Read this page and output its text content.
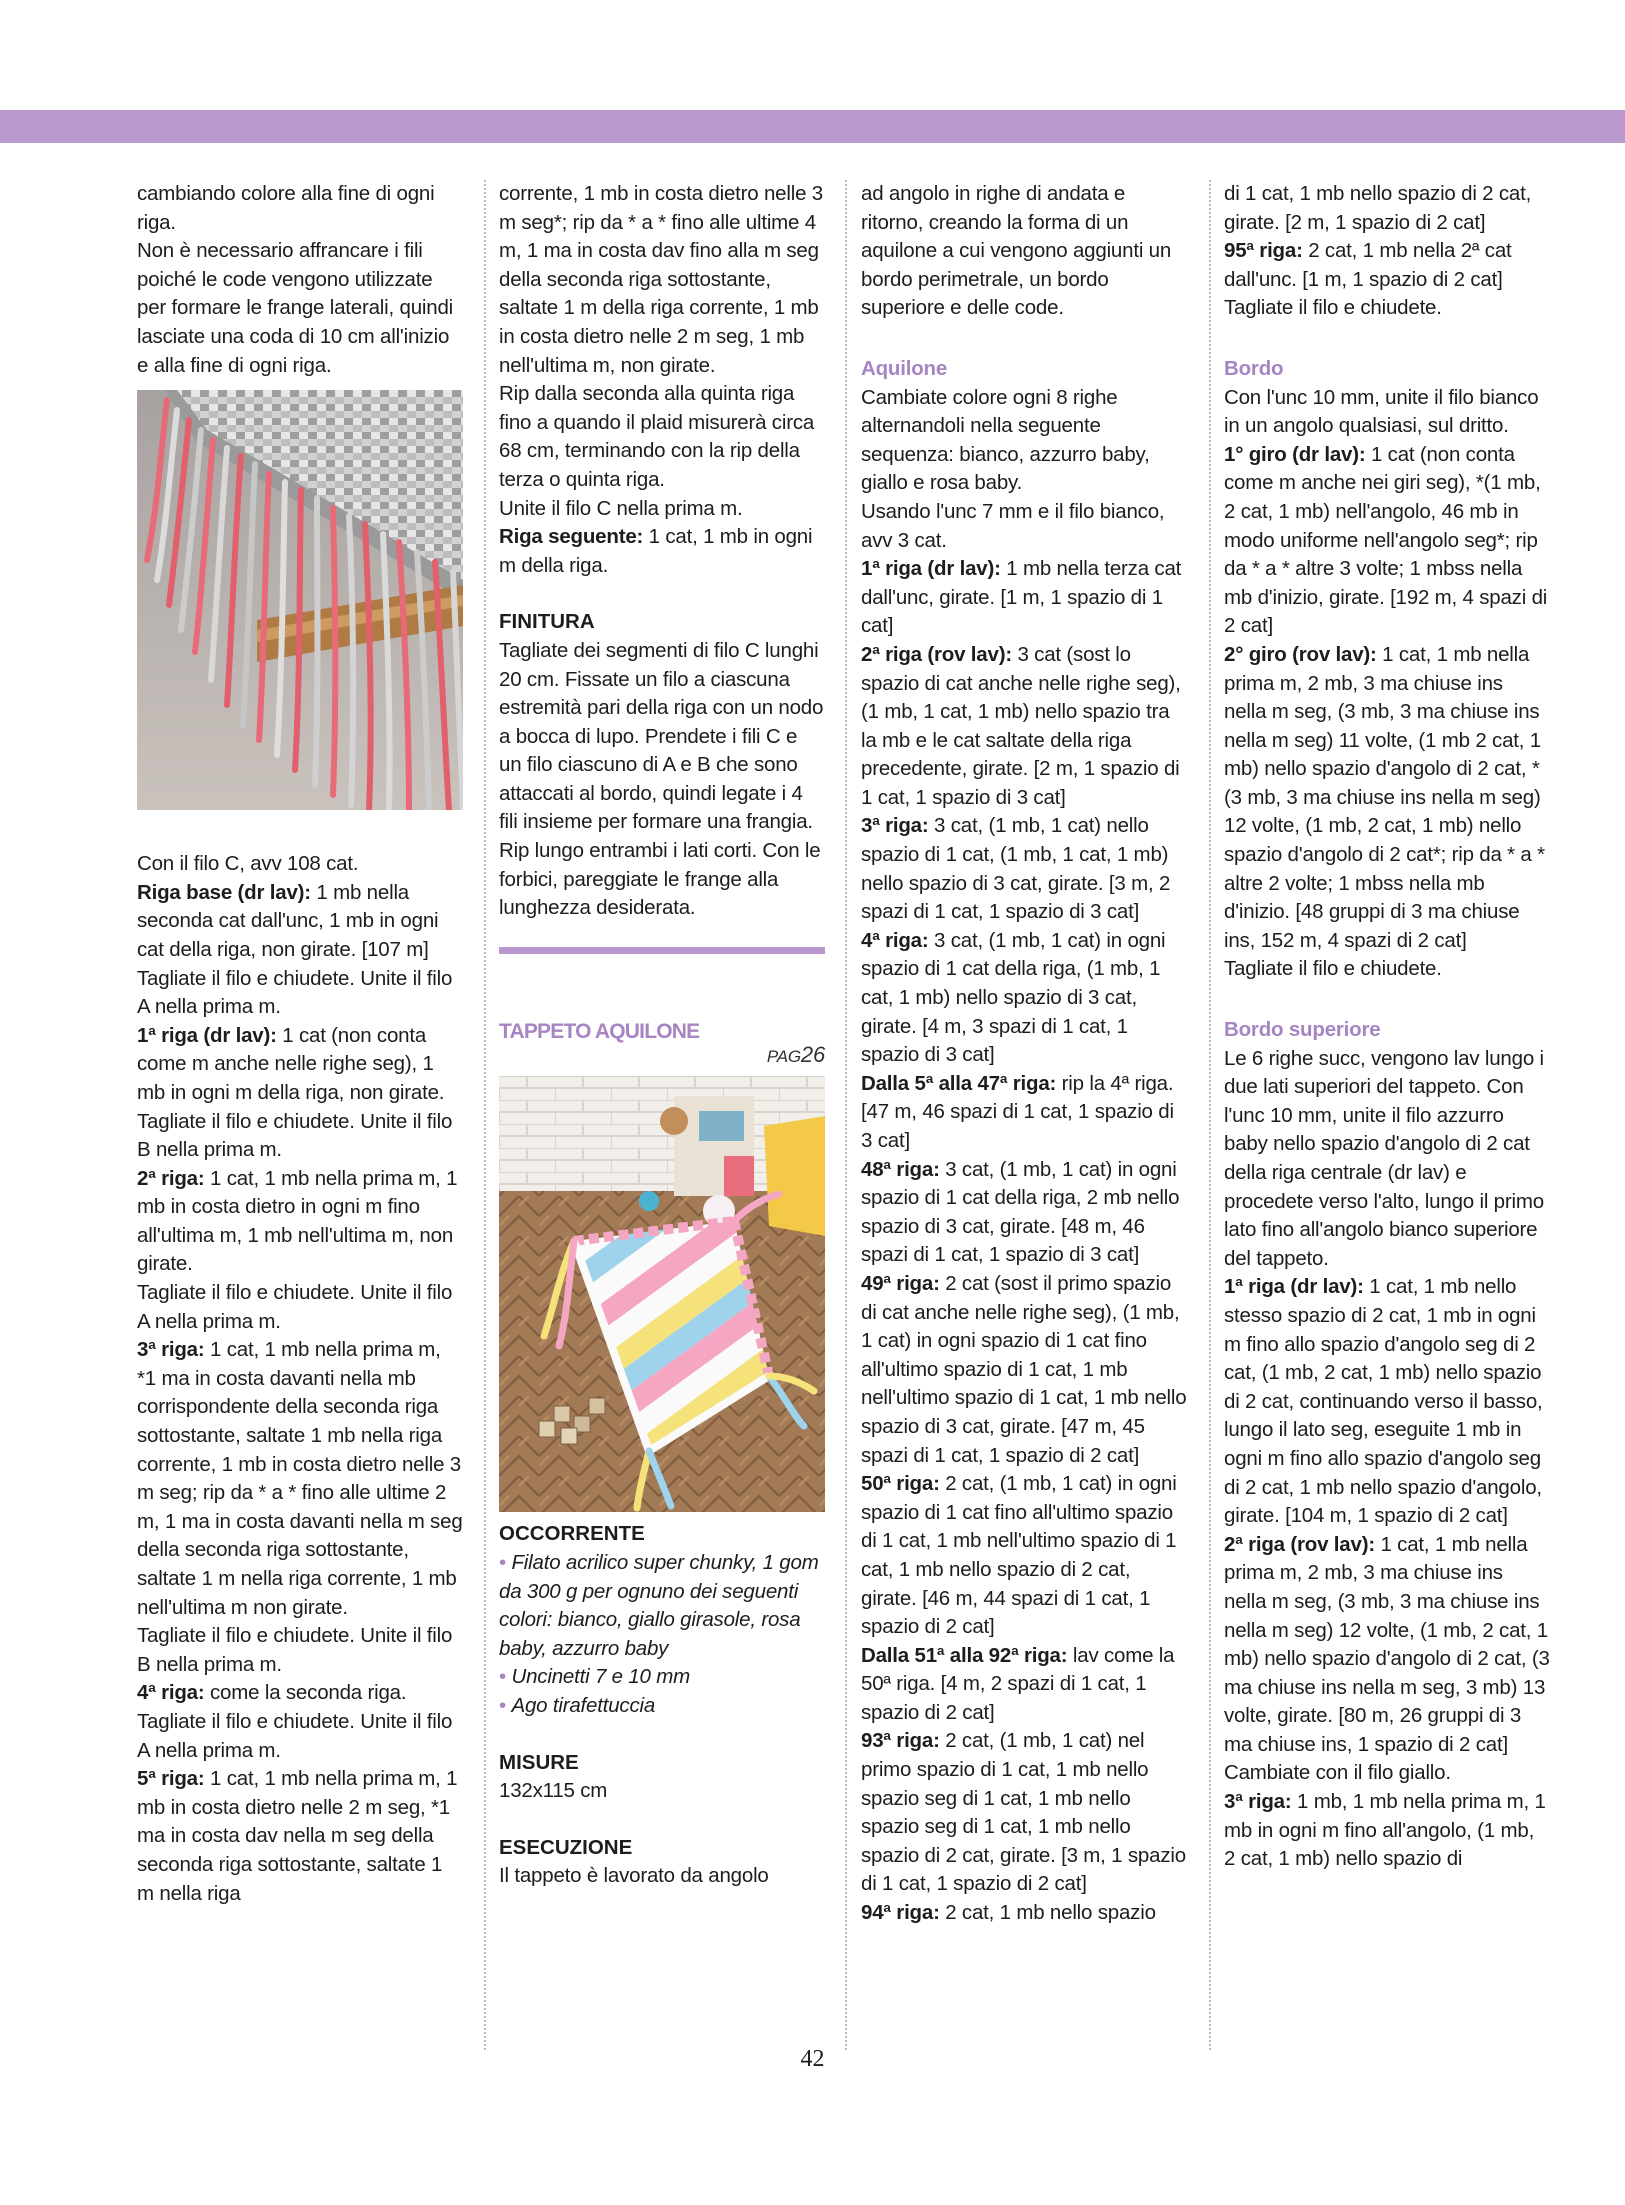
cambiando colore alla fine di ogni riga.
Non è necessario affrancare i fili poiché le code vengono utilizzate per formare le frange laterali, quindi lasciate una coda di 10 cm all'inizio e alla fine di ogni riga.
Con il filo C, avv 108 cat.
Riga base (dr lav): 1 mb nella seconda cat dall'unc, 1 mb in ogni cat della riga, non girate. [107 m]
Tagliate il filo e chiudete. Unite il filo A nella prima m.
1ª riga (dr lav): 1 cat (non conta come m anche nelle righe seg), 1 mb in ogni m della riga, non girate.
Tagliate il filo e chiudete. Unite il filo B nella prima m.
2ª riga: 1 cat, 1 mb nella prima m, 1 mb in costa dietro in ogni m fino all'ultima m, 1 mb nell'ultima m, non girate.
Tagliate il filo e chiudete. Unite il filo A nella prima m.
3ª riga: 1 cat, 1 mb nella prima m, *1 ma in costa davanti nella mb corrispondente della seconda riga sottostante, saltate 1 mb nella riga corrente, 1 mb in costa dietro nelle 3 m seg; rip da * a * fino alle ultime 2 m, 1 ma in costa davanti nella m seg della seconda riga sottostante, saltate 1 m nella riga corrente, 1 mb nell'ultima m non girate.
Tagliate il filo e chiudete. Unite il filo B nella prima m.
4ª riga: come la seconda riga.
Tagliate il filo e chiudete. Unite il filo A nella prima m.
5ª riga: 1 cat, 1 mb nella prima m, 1 mb in costa dietro nelle 2 m seg, *1 ma in costa dav nella m seg della seconda riga sottostante, saltate 1 m nella riga
corrente, 1 mb in costa dietro nelle 3 m seg*; rip da * a * fino alle ultime 4 m, 1 ma in costa dav fino alla m seg della seconda riga sottostante, saltate 1 m della riga corrente, 1 mb in costa dietro nelle 2 m seg, 1 mb nell'ultima m, non girate.
Rip dalla seconda alla quinta riga fino a quando il plaid misurerà circa 68 cm, terminando con la rip della terza o quinta riga.
Unite il filo C nella prima m.
Riga seguente: 1 cat, 1 mb in ogni m della riga.
FINITURA
Tagliate dei segmenti di filo C lunghi 20 cm. Fissate un filo a ciascuna estremità pari della riga con un nodo a bocca di lupo. Prendete i fili C e un filo ciascuno di A e B che sono attaccati al bordo, quindi legate i 4 fili insieme per formare una frangia. Rip lungo entrambi i lati corti. Con le forbici, pareggiate le frange alla lunghezza desiderata.
TAPPETO AQUILONE
PAG26
OCCORRENTE
• Filato acrilico super chunky, 1 gom da 300 g per ognuno dei seguenti colori: bianco, giallo girasole, rosa baby, azzurro baby
• Uncinetti 7 e 10 mm
• Ago tirafettuccia
MISURE
132x115 cm
ESECUZIONE
Il tappeto è lavorato da angolo
ad angolo in righe di andata e ritorno, creando la forma di un aquilone a cui vengono aggiunti un bordo perimetrale, un bordo superiore e delle code.
Aquilone
Cambiate colore ogni 8 righe alternandoli nella seguente sequenza: bianco, azzurro baby, giallo e rosa baby.
Usando l'unc 7 mm e il filo bianco, avv 3 cat.
1ª riga (dr lav): 1 mb nella terza cat dall'unc, girate. [1 m, 1 spazio di 1 cat]
2ª riga (rov lav): 3 cat (sost lo spazio di cat anche nelle righe seg), (1 mb, 1 cat, 1 mb) nello spazio tra la mb e le cat saltate della riga precedente, girate. [2 m, 1 spazio di 1 cat, 1 spazio di 3 cat]
3ª riga: 3 cat, (1 mb, 1 cat) nello spazio di 1 cat, (1 mb, 1 cat, 1 mb) nello spazio di 3 cat, girate. [3 m, 2 spazi di 1 cat, 1 spazio di 3 cat]
4ª riga: 3 cat, (1 mb, 1 cat) in ogni spazio di 1 cat della riga, (1 mb, 1 cat, 1 mb) nello spazio di 3 cat, girate. [4 m, 3 spazi di 1 cat, 1 spazio di 3 cat]
Dalla 5ª alla 47ª riga: rip la 4ª riga. [47 m, 46 spazi di 1 cat, 1 spazio di 3 cat]
48ª riga: 3 cat, (1 mb, 1 cat) in ogni spazio di 1 cat della riga, 2 mb nello spazio di 3 cat, girate. [48 m, 46 spazi di 1 cat, 1 spazio di 3 cat]
49ª riga: 2 cat (sost il primo spazio di cat anche nelle righe seg), (1 mb, 1 cat) in ogni spazio di 1 cat fino all'ultimo spazio di 1 cat, 1 mb nell'ultimo spazio di 1 cat, 1 mb nello spazio di 3 cat, girate. [47 m, 45 spazi di 1 cat, 1 spazio di 2 cat]
50ª riga: 2 cat, (1 mb, 1 cat) in ogni spazio di 1 cat fino all'ultimo spazio di 1 cat, 1 mb nell'ultimo spazio di 1 cat, 1 mb nello spazio di 2 cat, girate. [46 m, 44 spazi di 1 cat, 1 spazio di 2 cat]
Dalla 51ª alla 92ª riga: lav come la 50ª riga. [4 m, 2 spazi di 1 cat, 1 spazio di 2 cat]
93ª riga: 2 cat, (1 mb, 1 cat) nel primo spazio di 1 cat, 1 mb nello spazio seg di 1 cat, 1 mb nello spazio seg di 1 cat, 1 mb nello spazio di 2 cat, girate. [3 m, 1 spazio di 1 cat, 1 spazio di 2 cat]
94ª riga: 2 cat, 1 mb nello spazio
di 1 cat, 1 mb nello spazio di 2 cat, girate. [2 m, 1 spazio di 2 cat]
95ª riga: 2 cat, 1 mb nella 2ª cat dall'unc. [1 m, 1 spazio di 2 cat]
Tagliate il filo e chiudete.
Bordo
Con l'unc 10 mm, unite il filo bianco in un angolo qualsiasi, sul dritto.
1° giro (dr lav): 1 cat (non conta come m anche nei giri seg), *(1 mb, 2 cat, 1 mb) nell'angolo, 46 mb in modo uniforme nell'angolo seg*; rip da * a * altre 3 volte; 1 mbss nella mb d'inizio, girate. [192 m, 4 spazi di 2 cat]
2° giro (rov lav): 1 cat, 1 mb nella prima m, 2 mb, 3 ma chiuse ins nella m seg, (3 mb, 3 ma chiuse ins nella m seg) 11 volte, (1 mb 2 cat, 1 mb) nello spazio d'angolo di 2 cat, *(3 mb, 3 ma chiuse ins nella m seg) 12 volte, (1 mb, 2 cat, 1 mb) nello spazio d'angolo di 2 cat*; rip da * a * altre 2 volte; 1 mbss nella mb d'inizio. [48 gruppi di 3 ma chiuse ins, 152 m, 4 spazi di 2 cat]
Tagliate il filo e chiudete.
Bordo superiore
Le 6 righe succ, vengono lav lungo i due lati superiori del tappeto. Con l'unc 10 mm, unite il filo azzurro baby nello spazio d'angolo di 2 cat della riga centrale (dr lav) e procedete verso l'alto, lungo il primo lato fino all'angolo bianco superiore del tappeto.
1ª riga (dr lav): 1 cat, 1 mb nello stesso spazio di 2 cat, 1 mb in ogni m fino allo spazio d'angolo seg di 2 cat, (1 mb, 2 cat, 1 mb) nello spazio di 2 cat, continuando verso il basso, lungo il lato seg, eseguite 1 mb in ogni m fino allo spazio d'angolo seg di 2 cat, 1 mb nello spazio d'angolo, girate. [104 m, 1 spazio di 2 cat]
2ª riga (rov lav): 1 cat, 1 mb nella prima m, 2 mb, 3 ma chiuse ins nella m seg, (3 mb, 3 ma chiuse ins nella m seg) 12 volte, (1 mb, 2 cat, 1 mb) nello spazio d'angolo di 2 cat, (3 ma chiuse ins nella m seg, 3 mb) 13 volte, girate. [80 m, 26 gruppi di 3 ma chiuse ins, 1 spazio di 2 cat]
Cambiate con il filo giallo.
3ª riga: 1 mb, 1 mb nella prima m, 1 mb in ogni m fino all'angolo, (1 mb, 2 cat, 1 mb) nello spazio di
42
